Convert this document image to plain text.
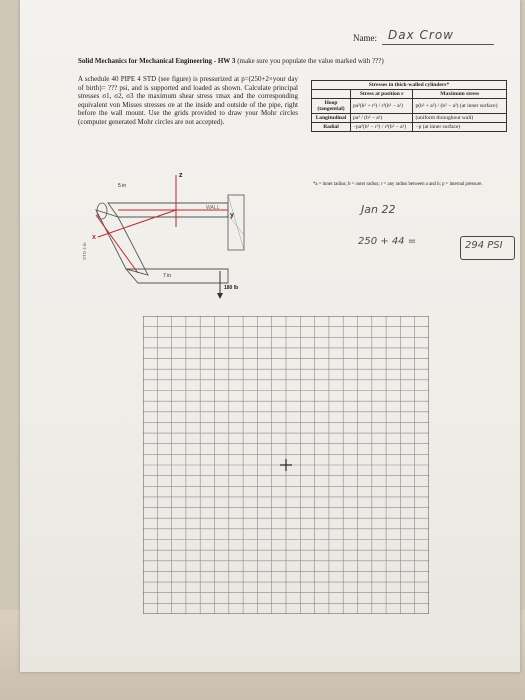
Name: Dax Crow
Solid Mechanics for Mechanical Engineering - HW 3 (make sure you populate the value marked with ???)

A schedule 40 PIPE 4 STD (see figure) is pressurized at p=(250+2×your day of birth)= ??? psi, and is supported and loaded as shown. Calculate principal stresses σ1, σ2, σ3 the maximum shear stress τmax and the corresponding equivalent von Misses stresses σe at the inside and outside of the pipe, right before the wall mount. Use the grids provided to draw your Mohr circles (computer generated Mohr circles are not accepted).

Stresses in thick-walled cylinders*		
	Stress at position r	Maximum stress
Hoop (tangential)	pa²(b² + r²) / r²(b² − a²)	p(b² + a²) / (b² − a²) (at inner surface)
Longitudinal	pa² / (b² − a²)	(uniform throughout wall)
Radial	−pa²(b² − r²) / r²(b² − a²)	−p (at inner surface)
*a = inner radius; b = outer radius; r = any radius between a and b; p = internal pressure.
WALL
z
y
x
5 in
STD 4 in
7 in
180 lb
Jan 22
250 + 44 =	294 PSI
